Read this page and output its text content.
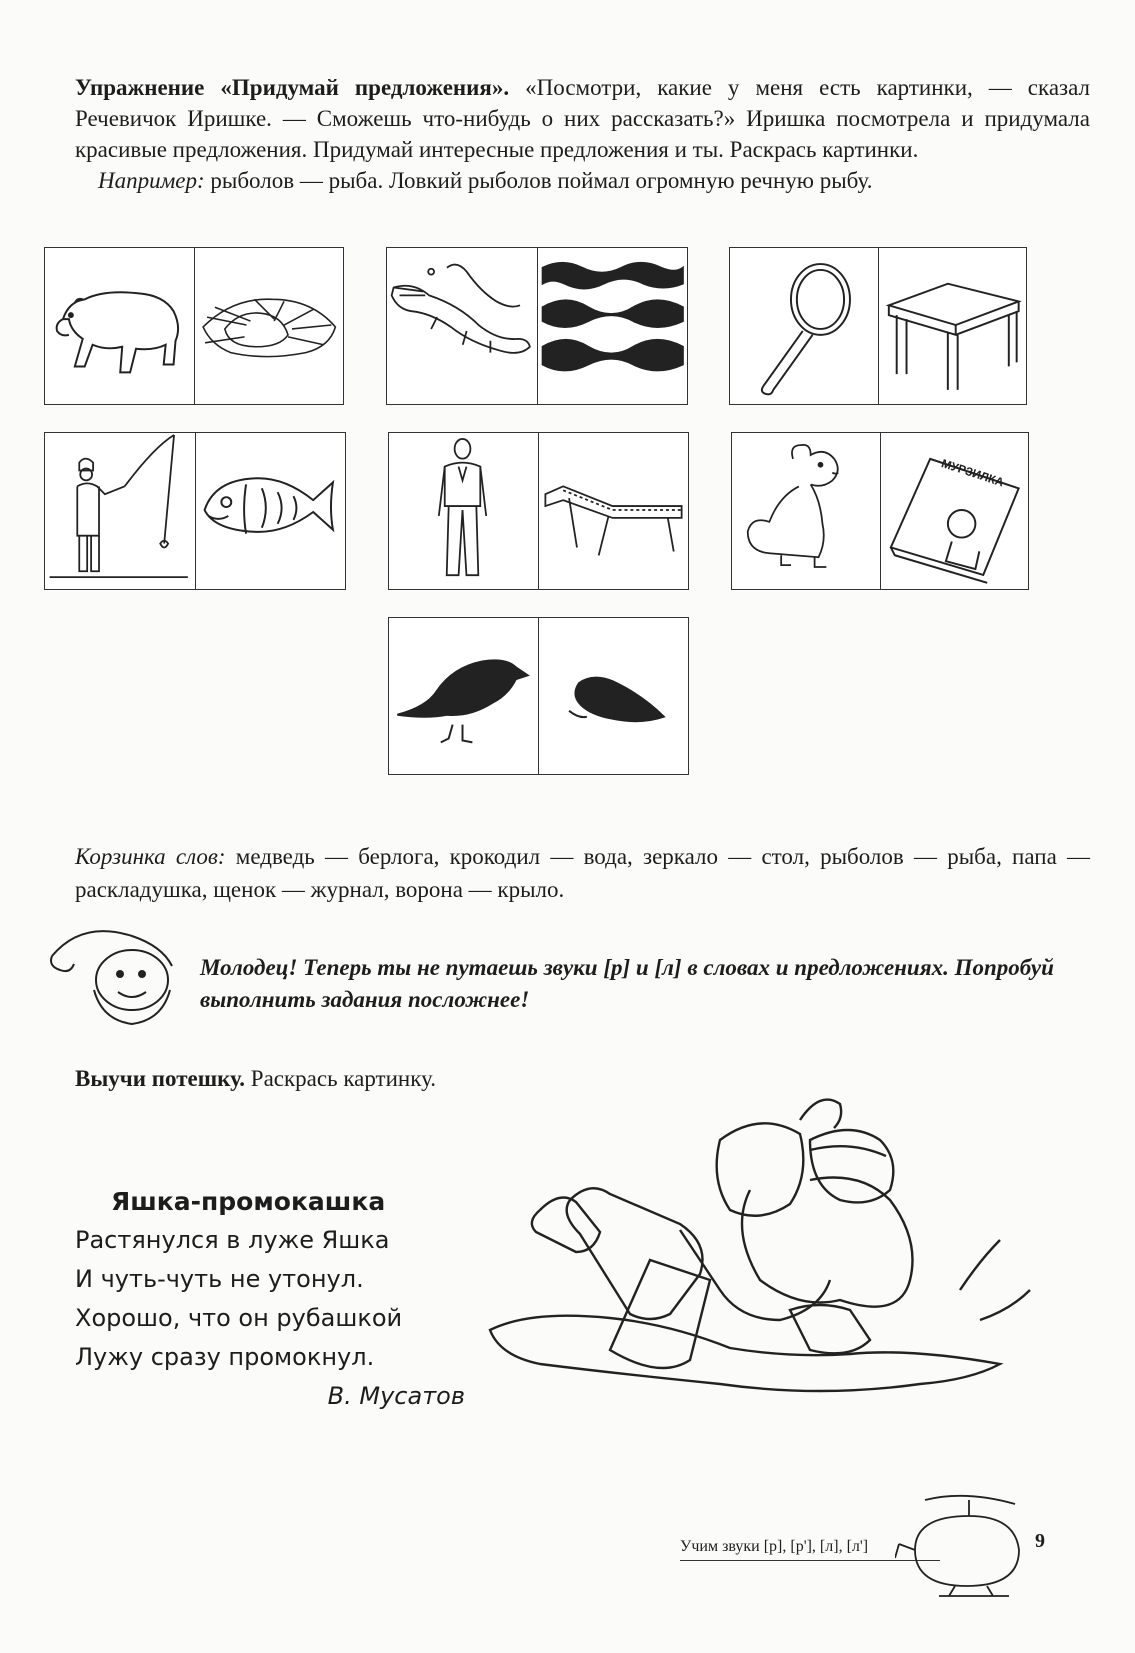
Упражнение «Придумай предложения». «Посмотри, какие у меня есть картинки, — сказал Речевичок Иришке. — Сможешь что-нибудь о них рассказать?» Иришка посмотрела и придумала красивые предложения. Придумай интересные предложения и ты. Раскрась картинки.
Например: рыболов — рыба. Ловкий рыболов поймал огромную речную рыбу.

МУРЗИЛКА

Корзинка слов: медведь — берлога, крокодил — вода, зеркало — стол, рыболов — рыба, папа — раскладушка, щенок — журнал, ворона — крыло.

Молодец! Теперь ты не путаешь звуки [р] и [л] в словах и предложениях. Попробуй выполнить задания посложнее!

Выучи потешку. Раскрась картинку.

Яшка-промокашка
Растянулся в луже Яшка
И чуть-чуть не утонул.
Хорошо, что он рубашкой
Лужу сразу промокнул.
В. Мусатов
Учим звуки [р], [р'], [л], [л']	9
